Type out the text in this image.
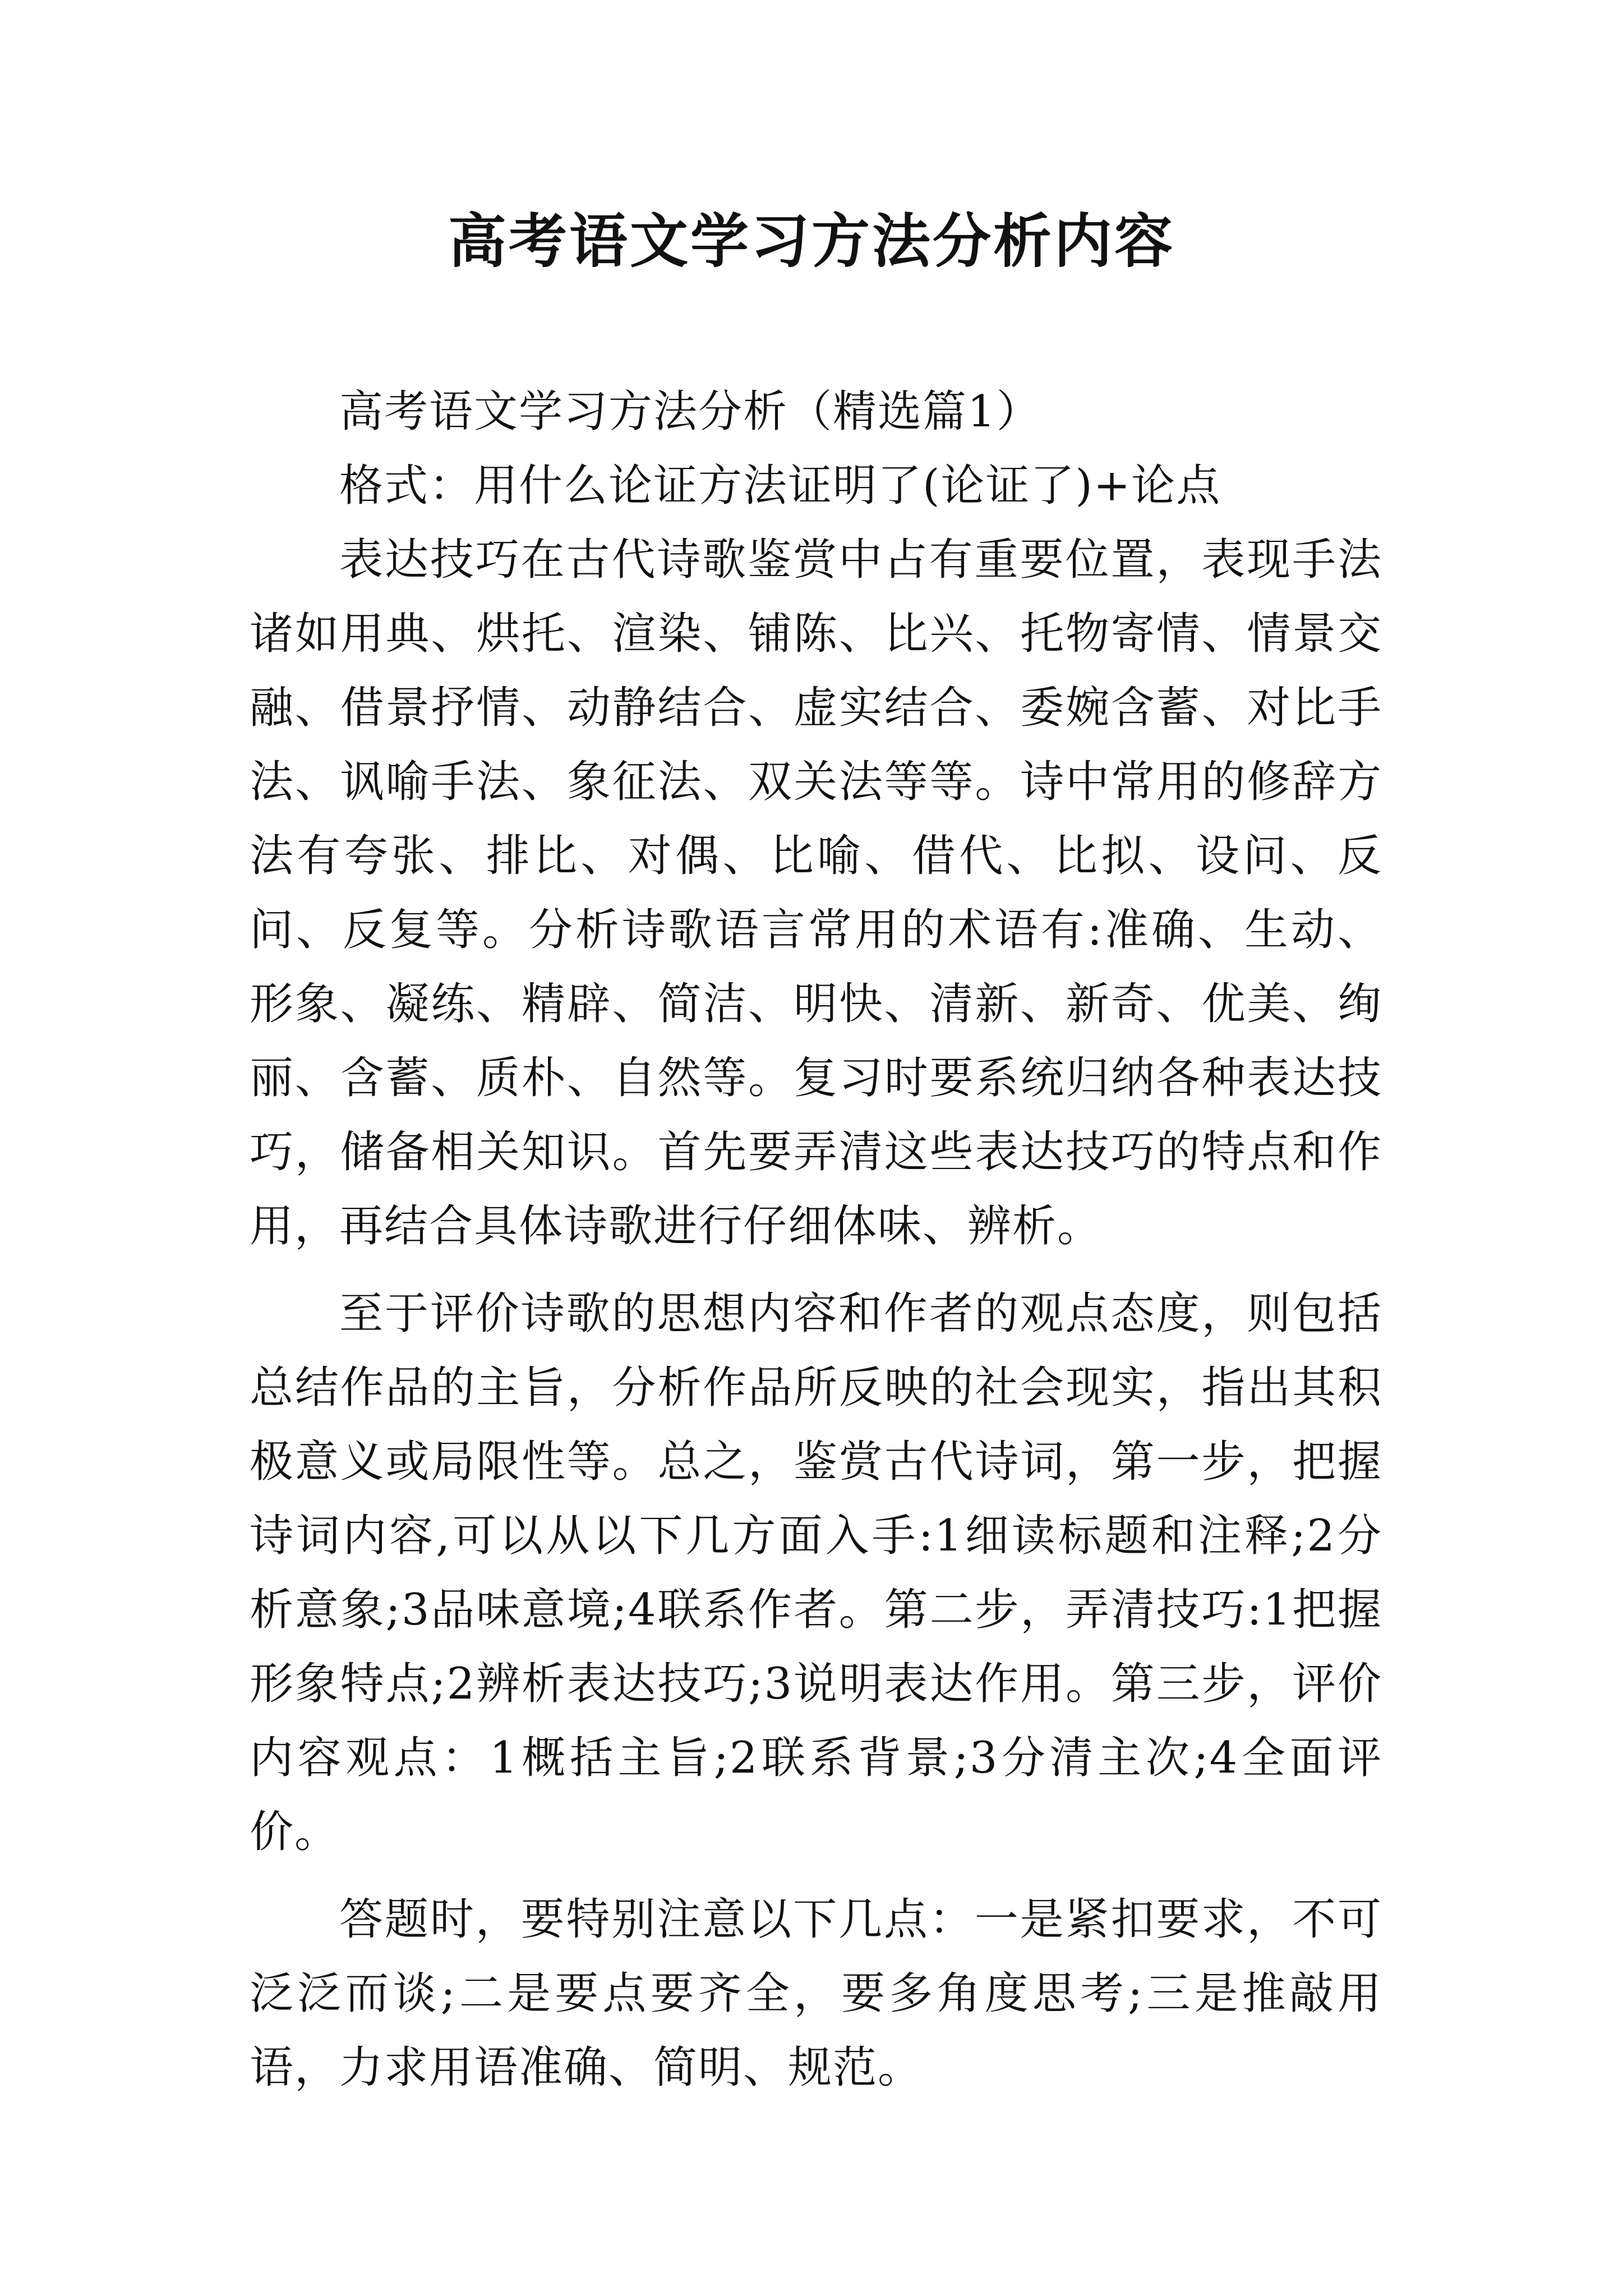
高考语文学习方法分析内容

高考语文学习方法分析（精选篇1）

格式：用什么论证方法证明了(论证了)+论点

表达技巧在古代诗歌鉴赏中占有重要位置，表现手法诸如用典、烘托、渲染、铺陈、比兴、托物寄情、情景交融、借景抒情、动静结合、虚实结合、委婉含蓄、对比手法、讽喻手法、象征法、双关法等等。诗中常用的修辞方法有夸张、排比、对偶、比喻、借代、比拟、设问、反问、反复等。分析诗歌语言常用的术语有:准确、生动、形象、凝练、精辟、简洁、明快、清新、新奇、优美、绚丽、含蓄、质朴、自然等。复习时要系统归纳各种表达技巧，储备相关知识。首先要弄清这些表达技巧的特点和作用，再结合具体诗歌进行仔细体味、辨析。

至于评价诗歌的思想内容和作者的观点态度，则包括总结作品的主旨，分析作品所反映的社会现实，指出其积极意义或局限性等。总之，鉴赏古代诗词，第一步，把握诗词内容,可以从以下几方面入手:1细读标题和注释;2分析意象;3品味意境;4联系作者。第二步，弄清技巧:1把握形象特点;2辨析表达技巧;3说明表达作用。第三步，评价内容观点：1概括主旨;2联系背景;3分清主次;4全面评价。

答题时，要特别注意以下几点：一是紧扣要求，不可泛泛而谈;二是要点要齐全，要多角度思考;三是推敲用语，力求用语准确、简明、规范。
